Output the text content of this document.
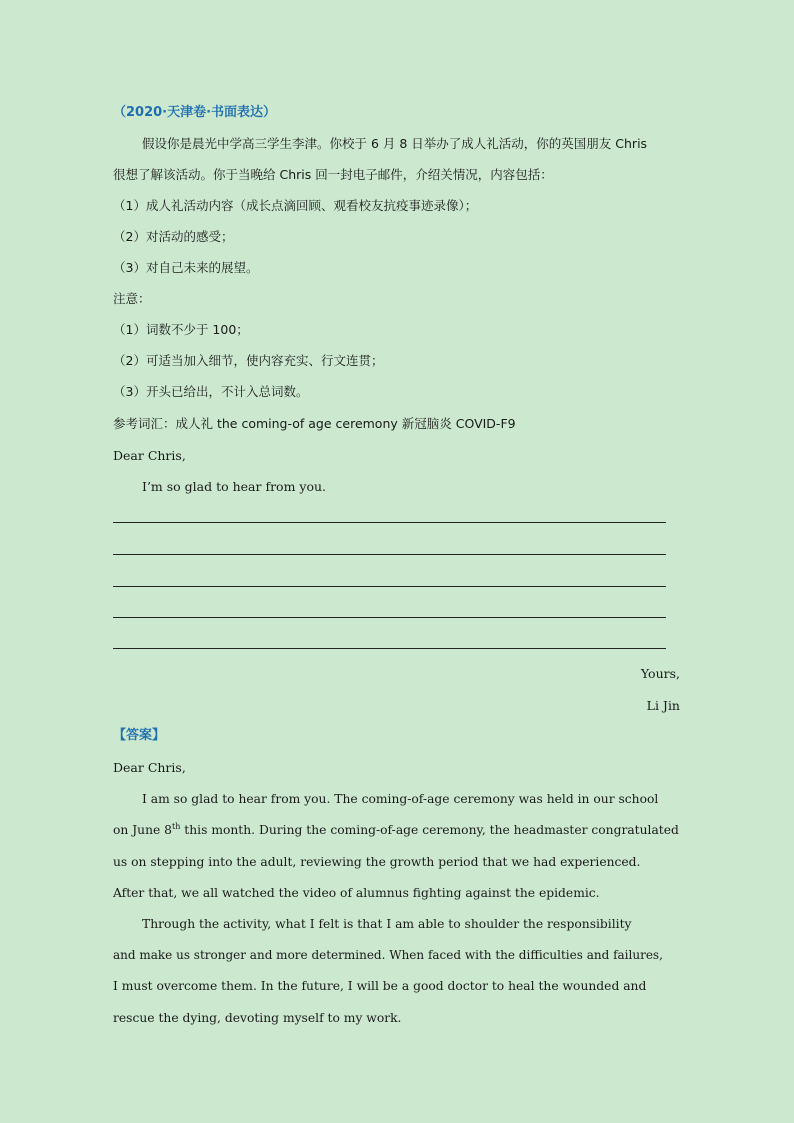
（2020·天津卷·书面表达）
假设你是晨光中学高三学生李津。你校于 6 月 8 日举办了成人礼活动，你的英国朋友 Chris
很想了解该活动。你于当晚给 Chris 回一封电子邮件，介绍关情况，内容包括：
（1）成人礼活动内容（成长点滴回顾、观看校友抗疫事迹录像）；
（2）对活动的感受；
（3）对自己未来的展望。
注意：
（1）词数不少于 100；
（2）可适当加入细节，使内容充实、行文连贯；
（3）开头已给出，不计入总词数。
参考词汇：成人礼 the coming-of age ceremony 新冠脑炎 COVID-F9
Dear Chris,
I’m so glad to hear from you.
Yours,
Li Jin
【答案】
Dear Chris,
I am so glad to hear from you. The coming-of-age ceremony was held in our school
on June 8th this month. During the coming-of-age ceremony, the headmaster congratulated
us on stepping into the adult, reviewing the growth period that we had experienced.
After that, we all watched the video of alumnus fighting against the epidemic.
Through the activity, what I felt is that I am able to shoulder the responsibility
and make us stronger and more determined. When faced with the difficulties and failures,
I must overcome them. In the future, I will be a good doctor to heal the wounded and
rescue the dying, devoting myself to my work.
